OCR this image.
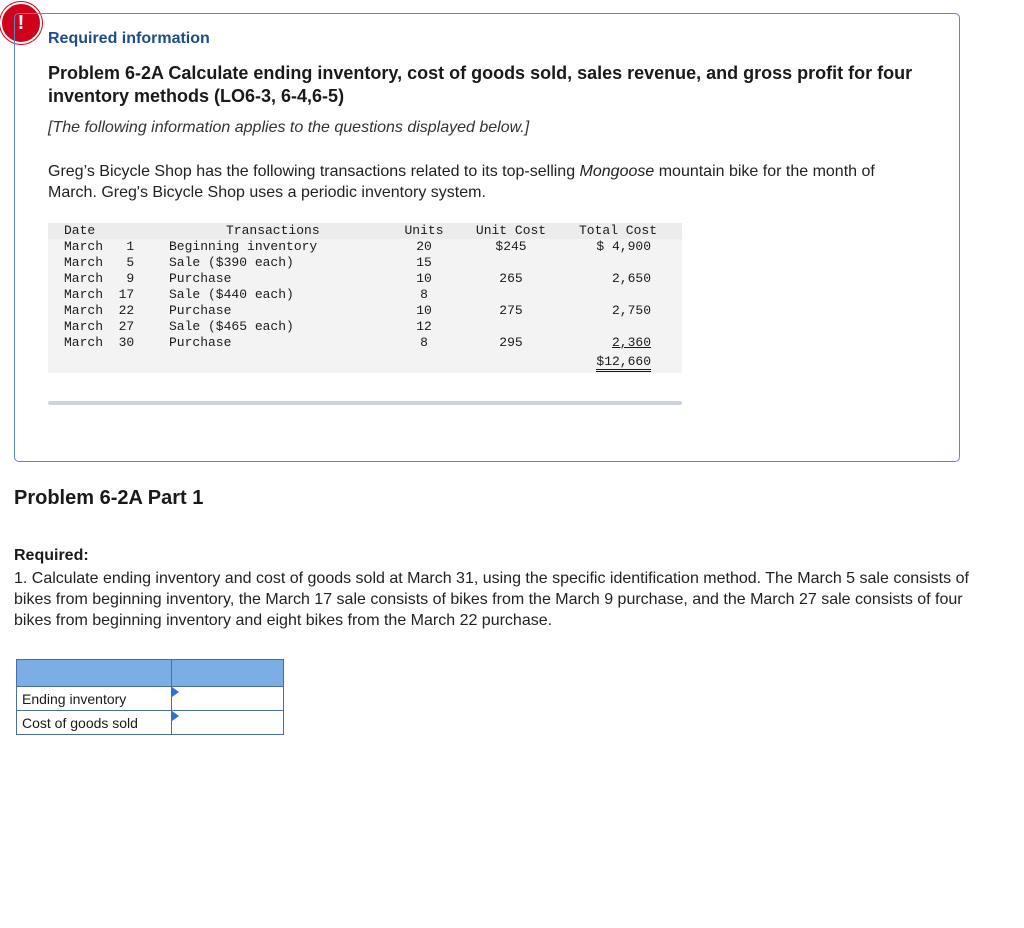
!
Required information
Problem 6-2A Calculate ending inventory, cost of goods sold, sales revenue, and gross profit for four inventory methods (LO6-3, 6-4,6-5)
[The following information applies to the questions displayed below.]
Greg’s Bicycle Shop has the following transactions related to its top-selling Mongoose mountain bike for the month of March. Greg's Bicycle Shop uses a periodic inventory system.
Date	Transactions	Units	Unit Cost	Total Cost
March   1	Beginning inventory	20	$245	$ 4,900
March   5	Sale ($390 each)	15
March   9	Purchase	10	265	2,650
March  17	Sale ($440 each)	8
March  22	Purchase	10	275	2,750
March  27	Sale ($465 each)	12
March  30	Purchase	8	295	2,360
$12,660
Problem 6-2A Part 1
Required:
1. Calculate ending inventory and cost of goods sold at March 31, using the specific identification method. The March 5 sale consists of bikes from beginning inventory, the March 17 sale consists of bikes from the March 9 purchase, and the March 27 sale consists of four bikes from beginning inventory and eight bikes from the March 22 purchase.

Ending inventory	

Cost of goods sold	
